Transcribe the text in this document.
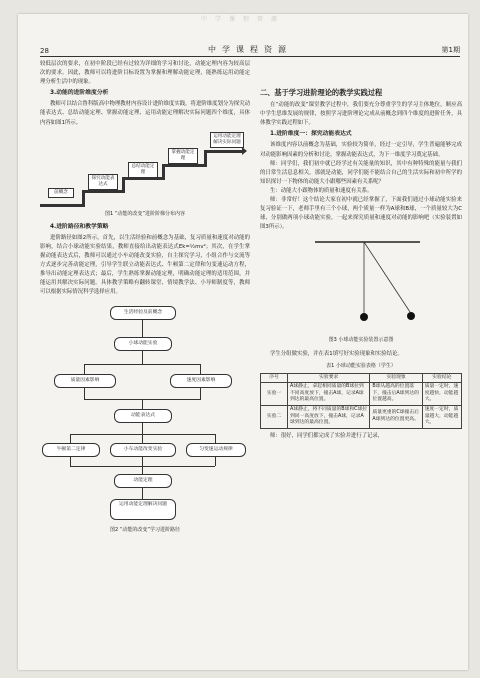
中学课程资源
28	中学课程资源	第1期

较低层次的要求，在初中阶段已经有过较为详细的学习和讨论，动能定理内容为较高层次的要求。因此，教师可以将进阶目标设置为掌握和理解动能定理，能熟练运用动能定理分析生活中的现象。

3.动能的进阶维度分析

教师可以结合鲁科版高中物理教材内容设计进阶维度实践，将进阶维度划分为探究动能表达式、总结动能定理、掌握动能定理、运用动能定理解决实际问题四个维度，具体内容如图1所示。

前概念
探究动能表达式
总结动能定理
掌握动能定理
运用动能定理解决实际问题
图1 “动能的改变”进阶阶梯分布内容
4.进阶路径和教学策略

进阶路径如图2所示，首先，以生活经验和前概念为基础，复习质量和速度对动能的影响，结合小球动能实验结果，教师直接给出动能表达式Ek=½mv²；其次，在学生掌握动能表达式后，教师可以通过小车动能改变实验，自主探究学习，小组合作与交流等方式逐步完善动能定理，引导学生联立动能表达式、牛顿第二定律和匀变速运动方程，推导出动能定理表达式；最后，学生熟练掌握动能定理，明确动能定理的适用范围，并能运用其解决实际问题。具体教学策略有翻转课堂、情境教学法、小导师制度等，教师可以根据实际情况科学选择应用。

生活经验及前概念
小球动能实验
质量因素影响	速度因素影响
动能表达式
牛顿第二定律	小车动能改变实验	匀变速运动规律
动能定理
运用动能定理解决问题
图2 “动能的改变”学习进阶路径
二、基于学习进阶理论的教学实践过程

在“动能的改变”课堂教学过程中，我们要充分尊重学生的学习主体地位，顺应高中学生思维发展的规律，按照学习进阶理论完成从前概念到四个维度的进阶任务，具体教学实践过程如下。

1.进阶维度一：探究动能表达式

该维度内容以前概念为基础，实验较为简单，经过一定引导，学生普遍能够完成对动能影响因素的分析和讨论，掌握动能表达式，为下一维度学习奠定基础。

师：同学们，我们初中就已经学过有关能量的知识，其中有种特殊的能量与我们的日常生活息息相关，那就是动能，同学们能不能结合自己的生活实际和初中所学的知识探讨一下物体的动能大小跟哪些因素有关系呢？

生：动能大小跟物体的质量和速度有关系。

师：非常好！这个结论大家在初中就已经掌握了，下面我们通过小球动能实验来复习验证一下，老师手里有三个小球，两个质量一样为A球和B球，一个质量较大为C球，分别做两项小球动能实验，一起来探究质量和速度对动能的影响吧（实验装置如图3所示）。

图3 小球动能实验装置示意图

学生分组做实验，并在表1填写好实验现象和实验结论。

表1 小球动能实验表格（学生）
序号	实验要求	实验现象	实验结论
实验一	A球静止，拿起相同质量的B球拉到不同高度放下，撞击A球，记录A球到达的最高位置。	B球从越高的位置落下，撞击后A球到达的位置越高。	质量一定时，速度越快，动能越大。
实验二	A球静止，将不同质量的B球和C球拉到同一高度放下，撞击A球，记录A球到达的最高位置。	质量更重的C球撞击后A球到达的位置更高。	速度一定时，质量越大，动能越大。

师：很好，同学们都完成了实验并进行了记录，
